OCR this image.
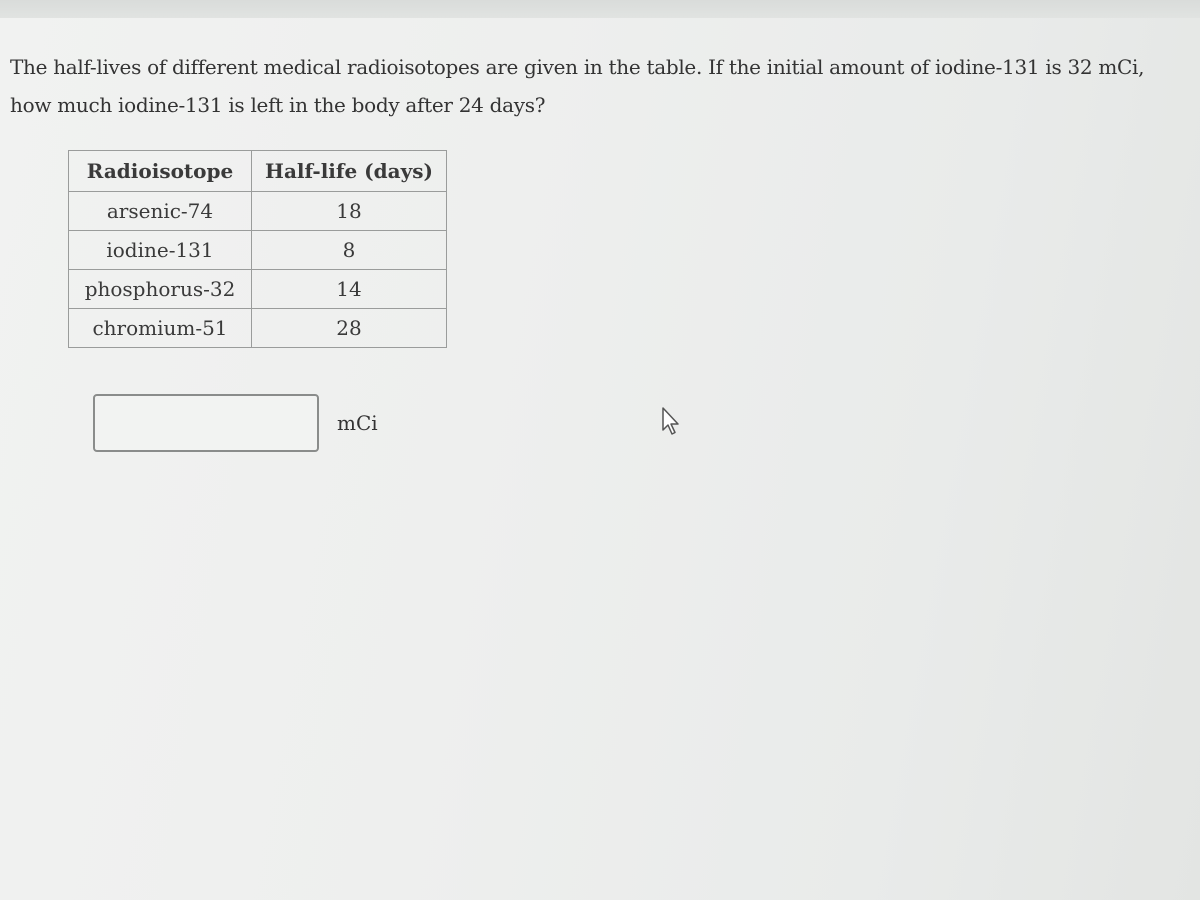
The half-lives of different medical radioisotopes are given in the table. If the initial amount of iodine-131 is 32 mCi, how much iodine-131 is left in the body after 24 days?
Radioisotope	Half-life (days)
arsenic-74	18
iodine-131	8
phosphorus-32	14
chromium-51	28
mCi
